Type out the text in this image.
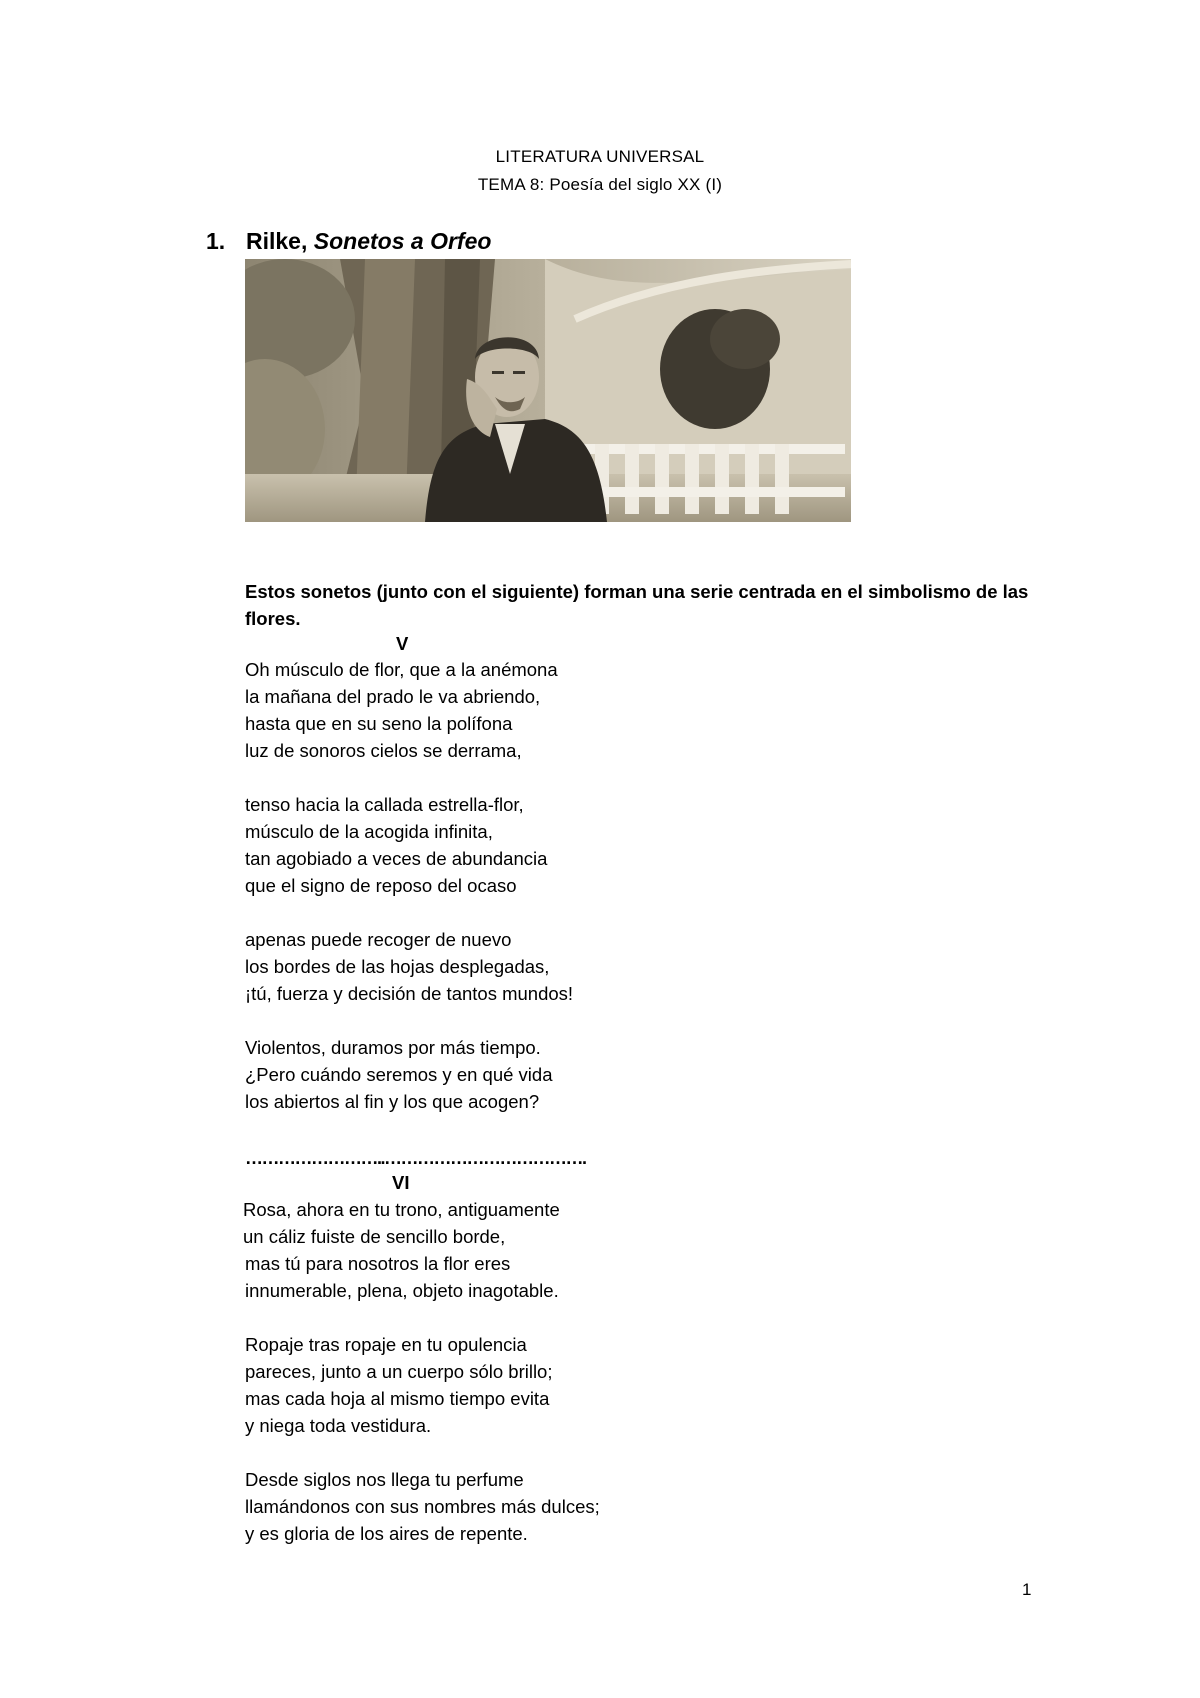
LITERATURA UNIVERSAL
TEMA 8: Poesía del siglo XX (I)
1. Rilke, Sonetos a Orfeo
Estos sonetos (junto con el siguiente) forman una serie centrada en el simbolismo de las flores.
V
Oh músculo de flor, que a la anémona
la mañana del prado le va abriendo,
hasta que en su seno la polífona
luz de sonoros cielos se derrama,
tenso hacia la callada estrella-flor,
músculo de la acogida infinita,
tan agobiado a veces de abundancia
que el signo de reposo del ocaso
apenas puede recoger de nuevo
los bordes de las hojas desplegadas,
¡tú, fuerza y decisión de tantos mundos!
Violentos, duramos por más tiempo.
¿Pero cuándo seremos y en qué vida
los abiertos al fin y los que acogen?
……………………..……………………………….
VI
Rosa, ahora en tu trono, antiguamente
un cáliz fuiste de sencillo borde,
mas tú para nosotros la flor eres
innumerable, plena, objeto inagotable.
Ropaje tras ropaje en tu opulencia
pareces, junto a un cuerpo sólo brillo;
mas cada hoja al mismo tiempo evita
y niega toda vestidura.
Desde siglos nos llega tu perfume
llamándonos con sus nombres más dulces;
y es gloria de los aires de repente.
1
